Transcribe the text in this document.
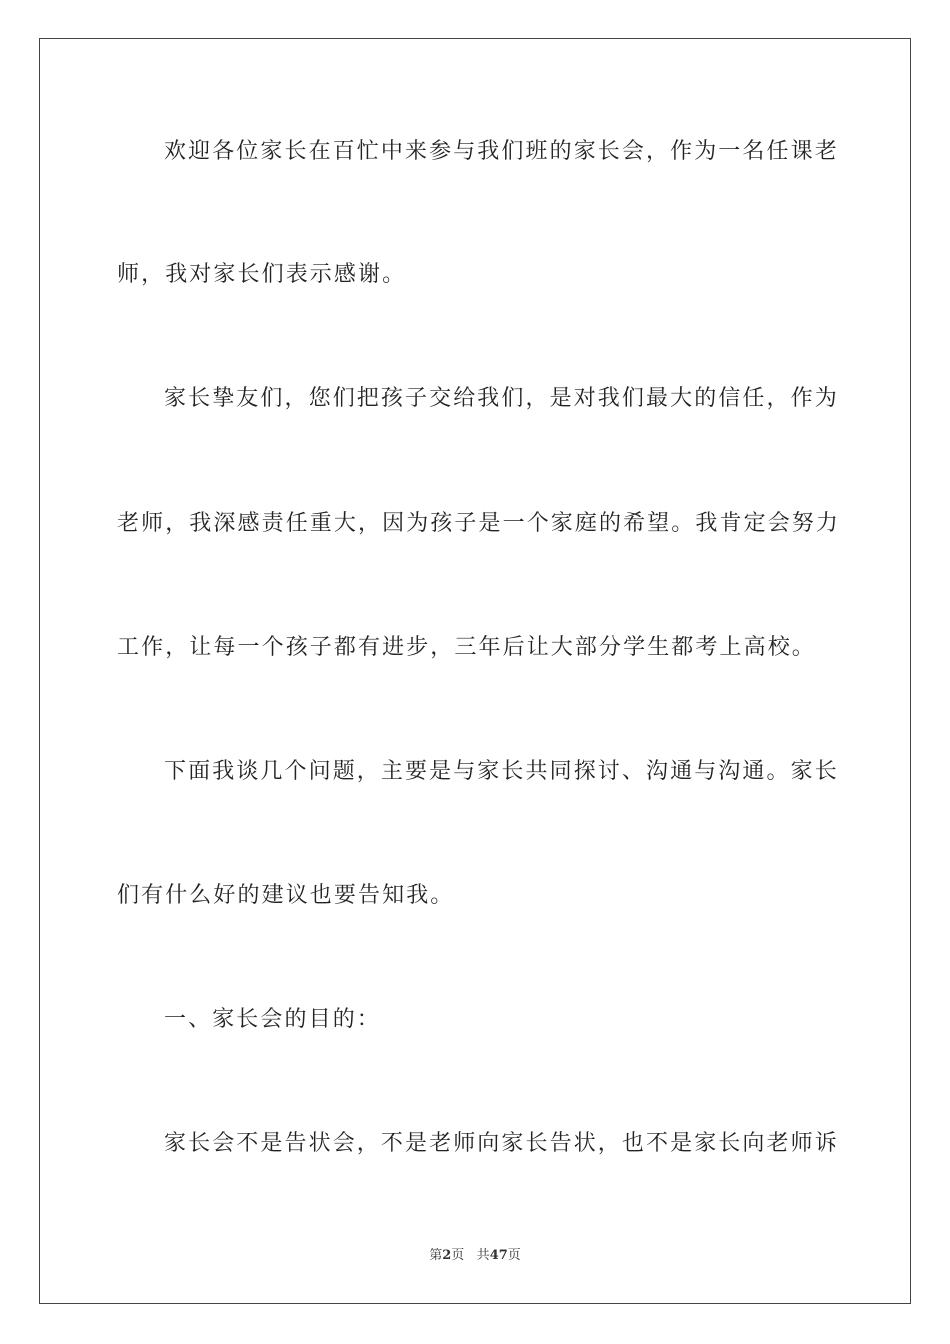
欢迎各位家长在百忙中来参与我们班的家长会，作为一名任课老
师，我对家长们表示感谢。
家长挚友们，您们把孩子交给我们，是对我们最大的信任，作为
老师，我深感责任重大，因为孩子是一个家庭的希望。我肯定会努力
工作，让每一个孩子都有进步，三年后让大部分学生都考上高校。
下面我谈几个问题，主要是与家长共同探讨、沟通与沟通。家长
们有什么好的建议也要告知我。
一、家长会的目的：
家长会不是告状会，不是老师向家长告状，也不是家长向老师诉
第2页 共47页
